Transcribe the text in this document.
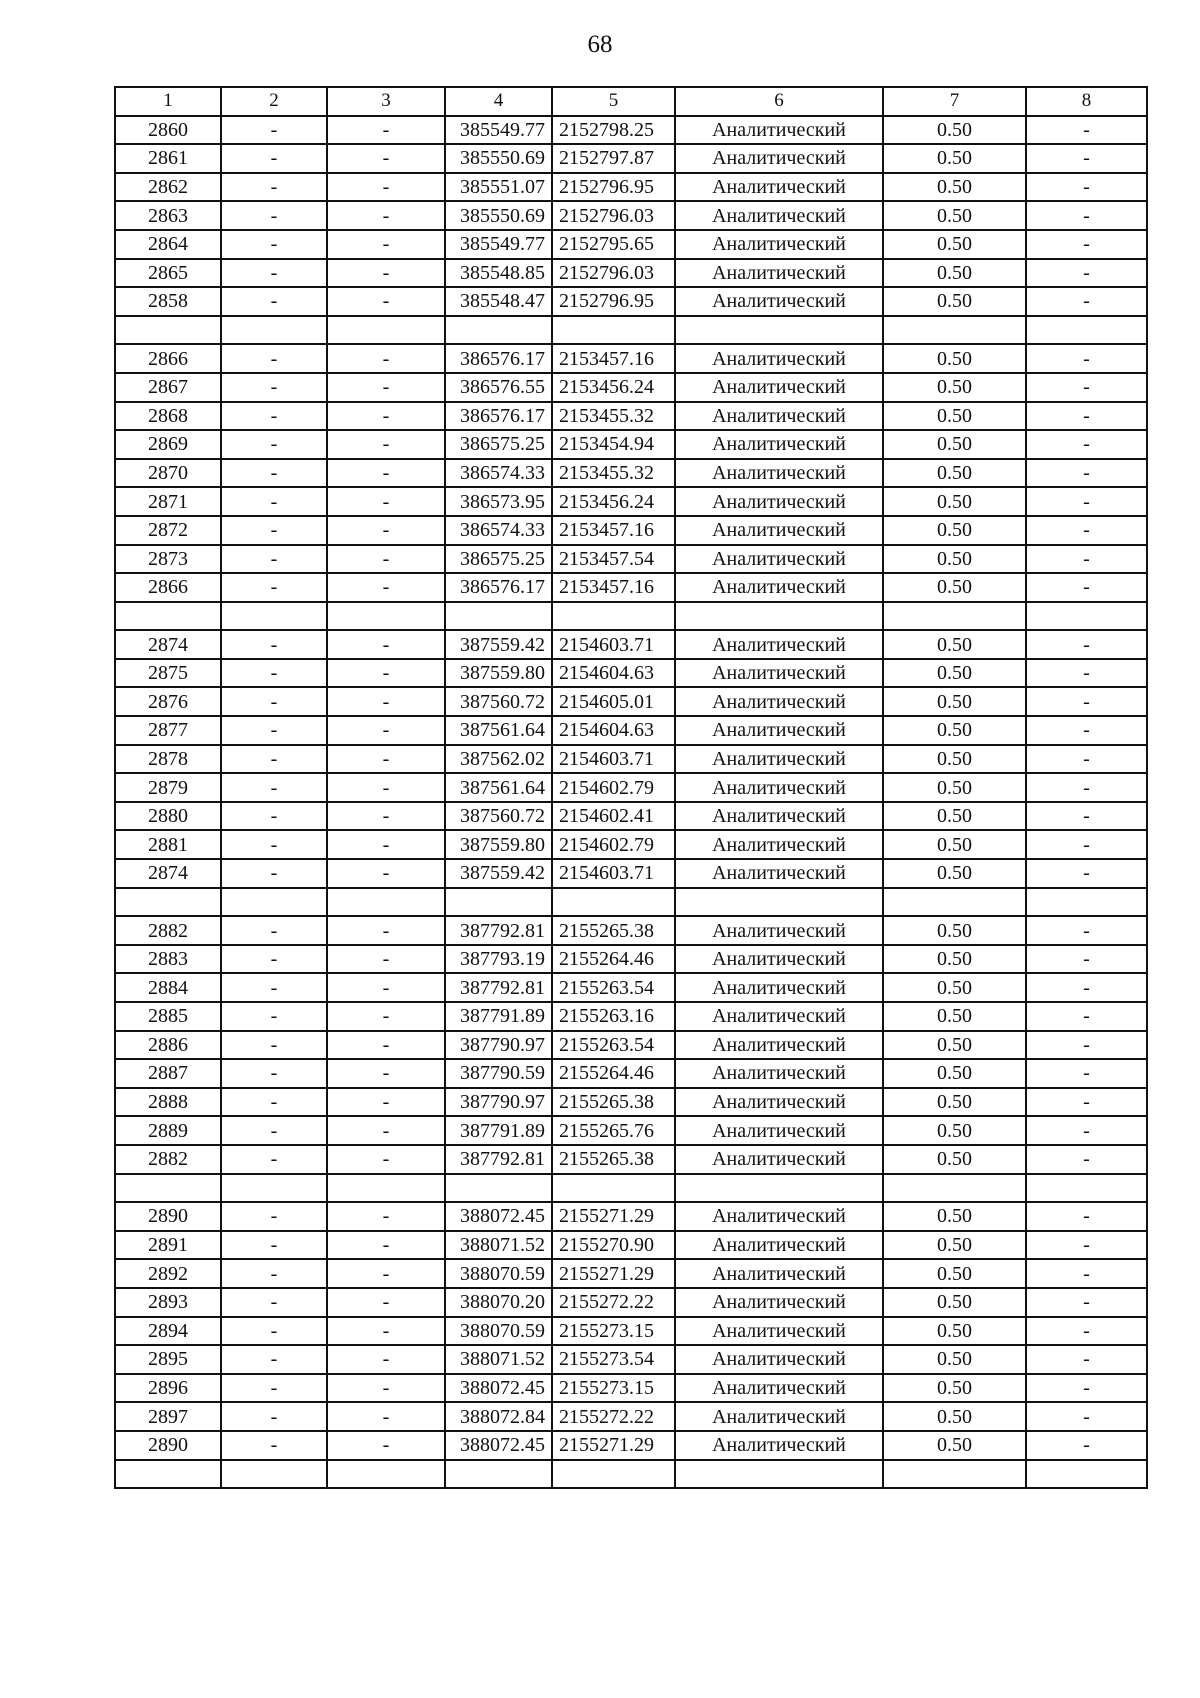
68
1	2	3	4	5	6	7	8
2860	-	-	385549.77	2152798.25	Аналитический	0.50	-
2861	-	-	385550.69	2152797.87	Аналитический	0.50	-
2862	-	-	385551.07	2152796.95	Аналитический	0.50	-
2863	-	-	385550.69	2152796.03	Аналитический	0.50	-
2864	-	-	385549.77	2152795.65	Аналитический	0.50	-
2865	-	-	385548.85	2152796.03	Аналитический	0.50	-
2858	-	-	385548.47	2152796.95	Аналитический	0.50	-

2866	-	-	386576.17	2153457.16	Аналитический	0.50	-
2867	-	-	386576.55	2153456.24	Аналитический	0.50	-
2868	-	-	386576.17	2153455.32	Аналитический	0.50	-
2869	-	-	386575.25	2153454.94	Аналитический	0.50	-
2870	-	-	386574.33	2153455.32	Аналитический	0.50	-
2871	-	-	386573.95	2153456.24	Аналитический	0.50	-
2872	-	-	386574.33	2153457.16	Аналитический	0.50	-
2873	-	-	386575.25	2153457.54	Аналитический	0.50	-
2866	-	-	386576.17	2153457.16	Аналитический	0.50	-

2874	-	-	387559.42	2154603.71	Аналитический	0.50	-
2875	-	-	387559.80	2154604.63	Аналитический	0.50	-
2876	-	-	387560.72	2154605.01	Аналитический	0.50	-
2877	-	-	387561.64	2154604.63	Аналитический	0.50	-
2878	-	-	387562.02	2154603.71	Аналитический	0.50	-
2879	-	-	387561.64	2154602.79	Аналитический	0.50	-
2880	-	-	387560.72	2154602.41	Аналитический	0.50	-
2881	-	-	387559.80	2154602.79	Аналитический	0.50	-
2874	-	-	387559.42	2154603.71	Аналитический	0.50	-

2882	-	-	387792.81	2155265.38	Аналитический	0.50	-
2883	-	-	387793.19	2155264.46	Аналитический	0.50	-
2884	-	-	387792.81	2155263.54	Аналитический	0.50	-
2885	-	-	387791.89	2155263.16	Аналитический	0.50	-
2886	-	-	387790.97	2155263.54	Аналитический	0.50	-
2887	-	-	387790.59	2155264.46	Аналитический	0.50	-
2888	-	-	387790.97	2155265.38	Аналитический	0.50	-
2889	-	-	387791.89	2155265.76	Аналитический	0.50	-
2882	-	-	387792.81	2155265.38	Аналитический	0.50	-

2890	-	-	388072.45	2155271.29	Аналитический	0.50	-
2891	-	-	388071.52	2155270.90	Аналитический	0.50	-
2892	-	-	388070.59	2155271.29	Аналитический	0.50	-
2893	-	-	388070.20	2155272.22	Аналитический	0.50	-
2894	-	-	388070.59	2155273.15	Аналитический	0.50	-
2895	-	-	388071.52	2155273.54	Аналитический	0.50	-
2896	-	-	388072.45	2155273.15	Аналитический	0.50	-
2897	-	-	388072.84	2155272.22	Аналитический	0.50	-
2890	-	-	388072.45	2155271.29	Аналитический	0.50	-
